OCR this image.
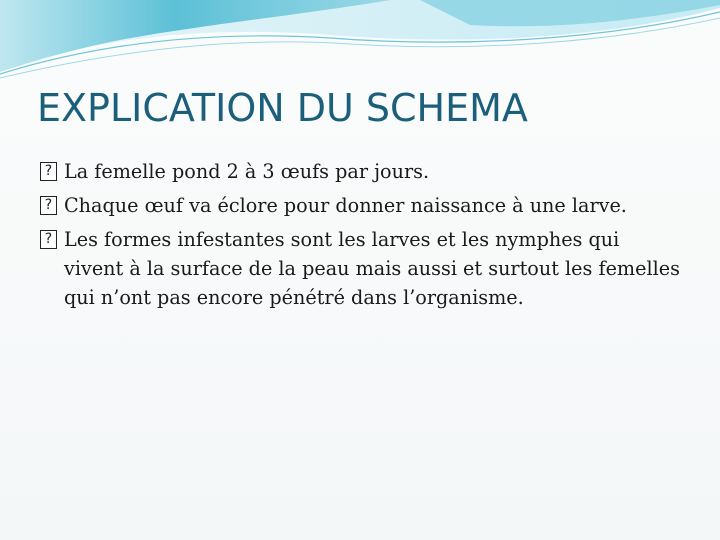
EXPLICATION DU SCHEMA
? La femelle pond 2 à 3 œufs par jours.
? Chaque œuf va éclore pour donner naissance à une larve.
? Les formes infestantes sont les larves et les nymphes qui vivent à la surface de la peau mais aussi et surtout les femelles qui n’ont pas encore pénétré dans l’organisme.
